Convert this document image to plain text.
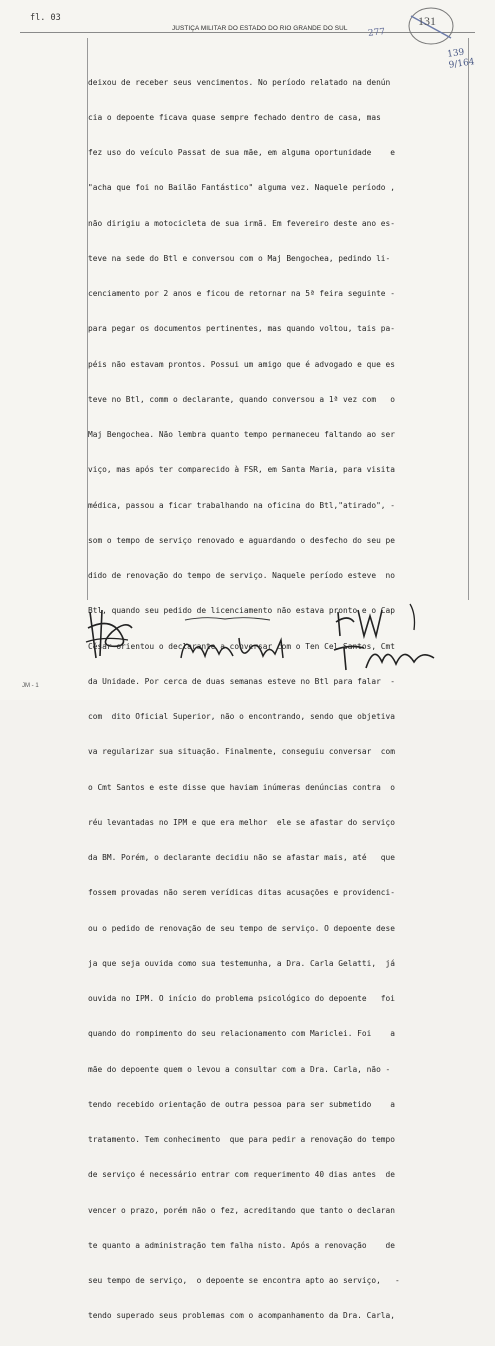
fl. 03
JUSTIÇA MILITAR DO ESTADO DO RIO GRANDE DO SUL
131
277
139
9/164

deixou de receber seus vencimentos. No período relatado na denún

cia o depoente ficava quase sempre fechado dentro de casa, mas

fez uso do veículo Passat de sua mãe, em alguma oportunidade    e

"acha que foi no Bailão Fantástico" alguma vez. Naquele período ,

não dirigiu a motocicleta de sua irmã. Em fevereiro deste ano es-

teve na sede do Btl e conversou com o Maj Bengochea, pedindo li-

cenciamento por 2 anos e ficou de retornar na 5ª feira seguinte -

para pegar os documentos pertinentes, mas quando voltou, tais pa-

péis não estavam prontos. Possui um amigo que é advogado e que es

teve no Btl, comm o declarante, quando conversou a 1ª vez com   o

Maj Bengochea. Não lembra quanto tempo permaneceu faltando ao ser

viço, mas após ter comparecido à FSR, em Santa Maria, para visita

médica, passou a ficar trabalhando na oficina do Btl,"atirado", -

som o tempo de serviço renovado e aguardando o desfecho do seu pe

dido de renovação do tempo de serviço. Naquele período esteve  no

Btl, quando seu pedido de licenciamento não estava pronto e o Cap

César orientou o declarante a conversar com o Ten Cel Santos, Cmt

da Unidade. Por cerca de duas semanas esteve no Btl para falar  -

com  dito Oficial Superior, não o encontrando, sendo que objetiva

va regularizar sua situação. Finalmente, conseguiu conversar  com

o Cmt Santos e este disse que haviam inúmeras denúncias contra  o

réu levantadas no IPM e que era melhor  ele se afastar do serviço

da BM. Porém, o declarante decidiu não se afastar mais, até   que

fossem provadas não serem verídicas ditas acusações e providenci-

ou o pedido de renovação de seu tempo de serviço. O depoente dese

ja que seja ouvida como sua testemunha, a Dra. Carla Gelatti,  já

ouvida no IPM. O início do problema psicológico do depoente   foi

quando do rompimento do seu relacionamento com Mariclei. Foi    a

mãe do depoente quem o levou a consultar com a Dra. Carla, não -

tendo recebido orientação de outra pessoa para ser submetido    a

tratamento. Tem conhecimento  que para pedir a renovação do tempo

de serviço é necessário entrar com requerimento 40 dias antes  de

vencer o prazo, porém não o fez, acreditando que tanto o declaran

te quanto a administração tem falha nisto. Após a renovação    de

seu tempo de serviço,  o depoente se encontra apto ao serviço,   -

tendo superado seus problemas com o acompanhamento da Dra. Carla,

JM - 1
